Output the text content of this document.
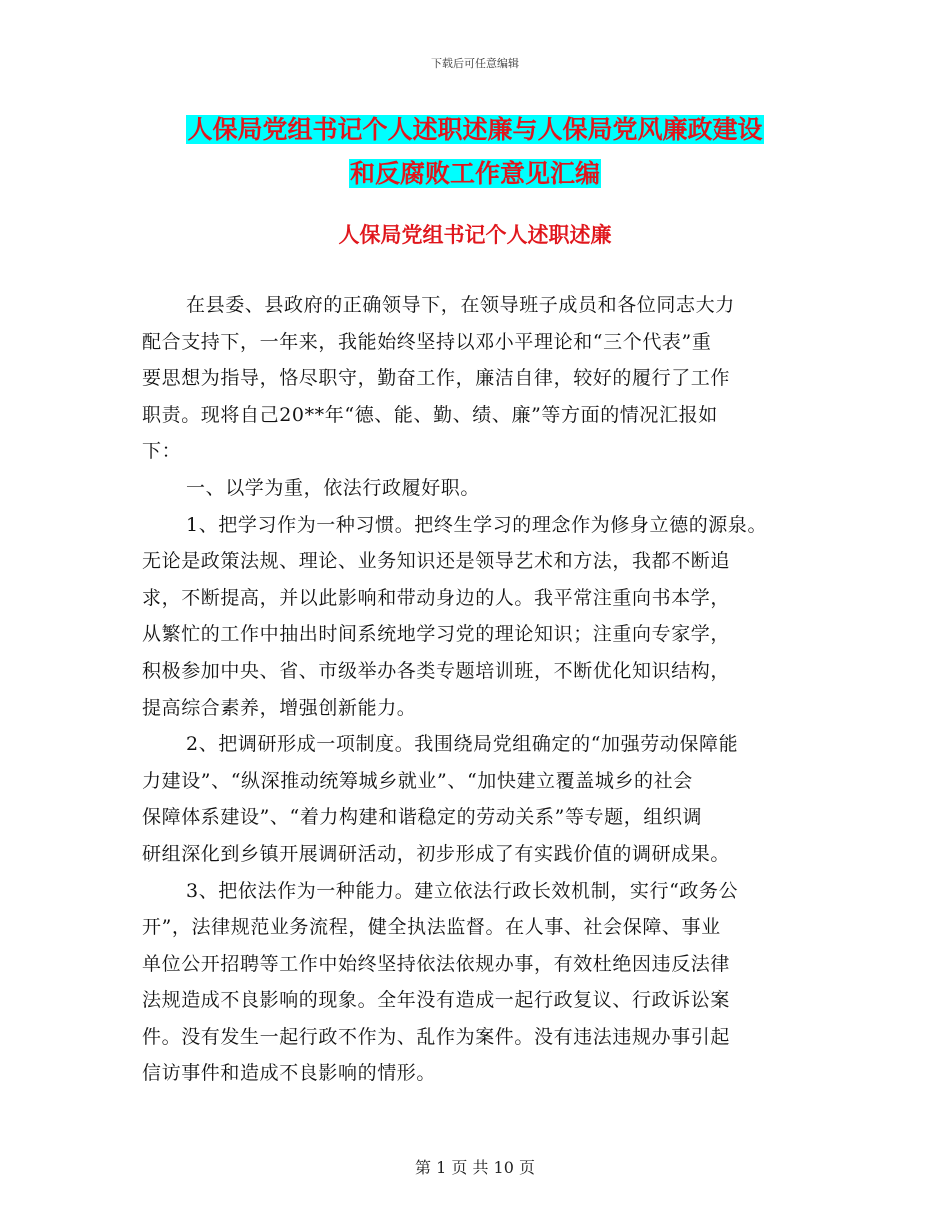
下载后可任意编辑
人保局党组书记个人述职述廉与人保局党风廉政建设
和反腐败工作意见汇编
人保局党组书记个人述职述廉
在县委、县政府的正确领导下，在领导班子成员和各位同志大力
配合支持下，一年来，我能始终坚持以邓小平理论和“三个代表”重
要思想为指导，恪尽职守，勤奋工作，廉洁自律，较好的履行了工作
职责。现将自己20**年“德、能、勤、绩、廉”等方面的情况汇报如
下：
一、以学为重，依法行政履好职。
1、把学习作为一种习惯。把终生学习的理念作为修身立德的源泉。
无论是政策法规、理论、业务知识还是领导艺术和方法，我都不断追
求，不断提高，并以此影响和带动身边的人。我平常注重向书本学，
从繁忙的工作中抽出时间系统地学习党的理论知识；注重向专家学，
积极参加中央、省、市级举办各类专题培训班，不断优化知识结构，
提高综合素养，增强创新能力。
2、把调研形成一项制度。我围绕局党组确定的“加强劳动保障能
力建设”、“纵深推动统筹城乡就业”、“加快建立覆盖城乡的社会
保障体系建设”、“着力构建和谐稳定的劳动关系”等专题，组织调
研组深化到乡镇开展调研活动，初步形成了有实践价值的调研成果。
3、把依法作为一种能力。建立依法行政长效机制，实行“政务公
开”，法律规范业务流程，健全执法监督。在人事、社会保障、事业
单位公开招聘等工作中始终坚持依法依规办事，有效杜绝因违反法律
法规造成不良影响的现象。全年没有造成一起行政复议、行政诉讼案
件。没有发生一起行政不作为、乱作为案件。没有违法违规办事引起
信访事件和造成不良影响的情形。
第 1 页 共 10 页
